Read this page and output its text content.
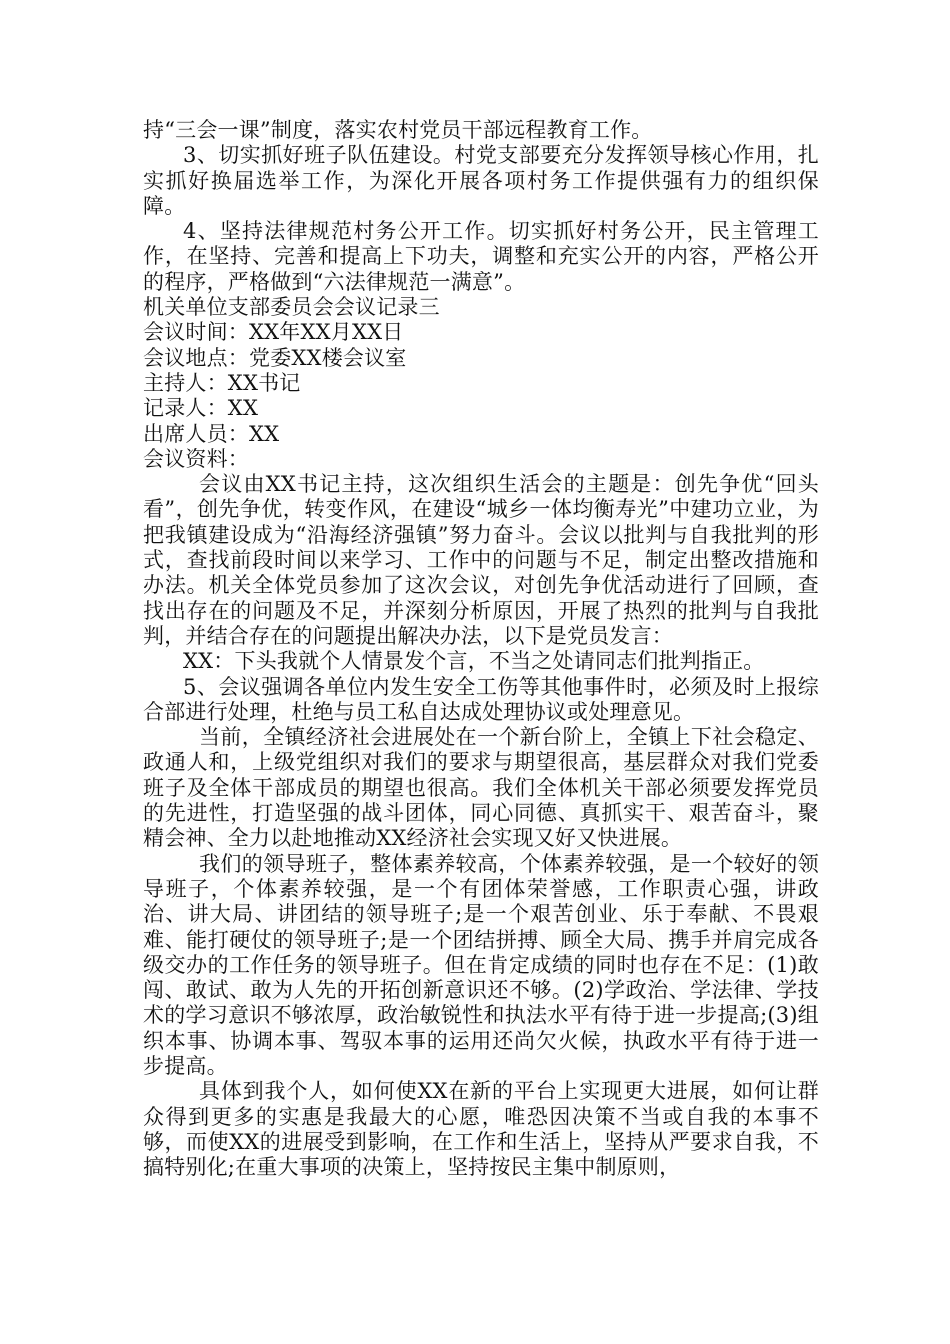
持“三会一课”制度，落实农村党员干部远程教育工作。

3、切实抓好班子队伍建设。村党支部要充分发挥领导核心作用，扎实抓好换届选举工作，为深化开展各项村务工作提供强有力的组织保障。

4、坚持法律规范村务公开工作。切实抓好村务公开，民主管理工作，在坚持、完善和提高上下功夫，调整和充实公开的内容，严格公开的程序，严格做到“六法律规范一满意”。

机关单位支部委员会会议记录三

会议时间：XX年XX月XX日

会议地点：党委XX楼会议室

主持人：XX书记

记录人：XX

出席人员：XX

会议资料：

会议由XX书记主持，这次组织生活会的主题是：创先争优“回头看”，创先争优，转变作风，在建设“城乡一体均衡寿光”中建功立业，为把我镇建设成为“沿海经济强镇”努力奋斗。会议以批判与自我批判的形式，查找前段时间以来学习、工作中的问题与不足，制定出整改措施和办法。机关全体党员参加了这次会议，对创先争优活动进行了回顾，查找出存在的问题及不足，并深刻分析原因，开展了热烈的批判与自我批判，并结合存在的问题提出解决办法，以下是党员发言：

XX：下头我就个人情景发个言，不当之处请同志们批判指正。

5、会议强调各单位内发生安全工伤等其他事件时，必须及时上报综合部进行处理，杜绝与员工私自达成处理协议或处理意见。

当前，全镇经济社会进展处在一个新台阶上，全镇上下社会稳定、政通人和，上级党组织对我们的要求与期望很高，基层群众对我们党委班子及全体干部成员的期望也很高。我们全体机关干部必须要发挥党员的先进性，打造坚强的战斗团体，同心同德、真抓实干、艰苦奋斗，聚精会神、全力以赴地推动XX经济社会实现又好又快进展。

我们的领导班子，整体素养较高，个体素养较强，是一个较好的领导班子，个体素养较强，是一个有团体荣誉感，工作职责心强，讲政治、讲大局、讲团结的领导班子;是一个艰苦创业、乐于奉献、不畏艰难、能打硬仗的领导班子;是一个团结拼搏、顾全大局、携手并肩完成各级交办的工作任务的领导班子。但在肯定成绩的同时也存在不足：(1)敢闯、敢试、敢为人先的开拓创新意识还不够。(2)学政治、学法律、学技术的学习意识不够浓厚，政治敏锐性和执法水平有待于进一步提高;(3)组织本事、协调本事、驾驭本事的运用还尚欠火候，执政水平有待于进一步提高。

具体到我个人，如何使XX在新的平台上实现更大进展，如何让群众得到更多的实惠是我最大的心愿，唯恐因决策不当或自我的本事不够，而使XX的进展受到影响，在工作和生活上，坚持从严要求自我，不搞特别化;在重大事项的决策上，坚持按民主集中制原则，
